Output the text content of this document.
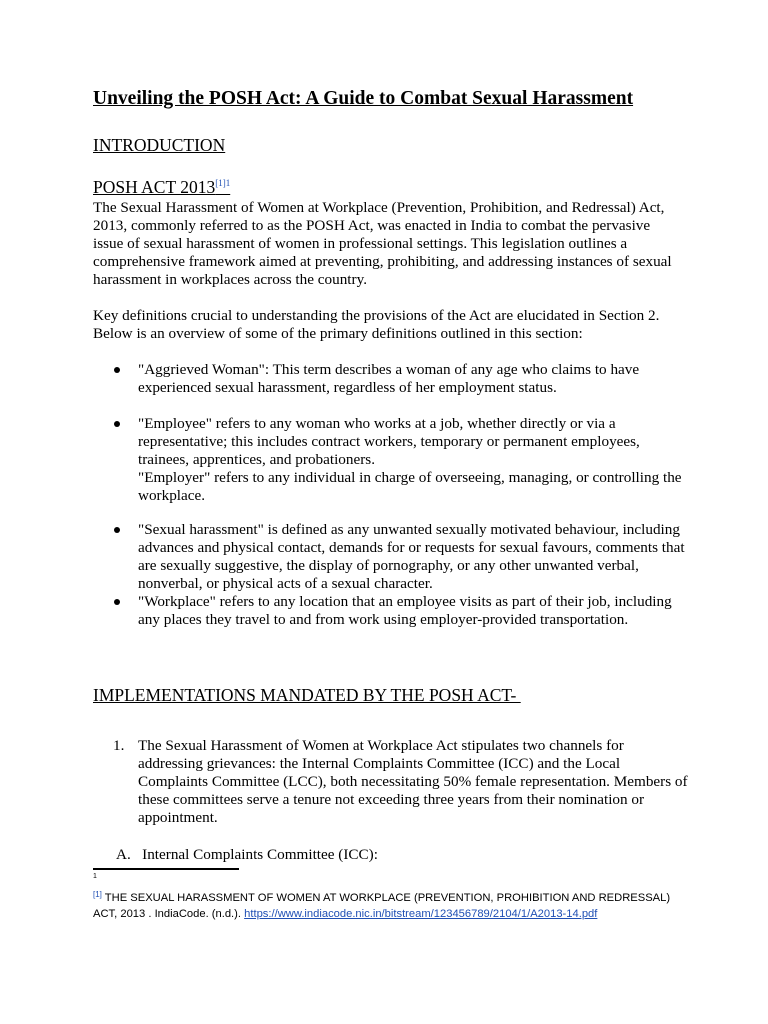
Unveiling the POSH Act: A Guide to Combat Sexual Harassment
INTRODUCTION
POSH ACT $2013^{[1]1}$
The Sexual Harassment of Women at Workplace (Prevention, Prohibition, and Redressal) Act, 2013, commonly referred to as the POSH Act, was enacted in India to combat the pervasive issue of sexual harassment of women in professional settings. This legislation outlines a comprehensive framework aimed at preventing, prohibiting, and addressing instances of sexual harassment in workplaces across the country.
Key definitions crucial to understanding the provisions of the Act are elucidated in Section 2. Below is an overview of some of the primary definitions outlined in this section:
"Aggrieved Woman": This term describes a woman of any age who claims to have experienced sexual harassment, regardless of her employment status.
"Employee" refers to any woman who works at a job, whether directly or via a representative; this includes contract workers, temporary or permanent employees, trainees, apprentices, and probationers.
"Employer" refers to any individual in charge of overseeing, managing, or controlling the workplace.
"Sexual harassment" is defined as any unwanted sexually motivated behaviour, including advances and physical contact, demands for or requests for sexual favours, comments that are sexually suggestive, the display of pornography, or any other unwanted verbal, nonverbal, or physical acts of a sexual character.
"Workplace" refers to any location that an employee visits as part of their job, including any places they travel to and from work using employer-provided transportation.
IMPLEMENTATIONS MANDATED BY THE POSH ACT-
1. The Sexual Harassment of Women at Workplace Act stipulates two channels for addressing grievances: the Internal Complaints Committee (ICC) and the Local Complaints Committee (LCC), both necessitating 50% female representation. Members of these committees serve a tenure not exceeding three years from their nomination or appointment.
A. Internal Complaints Committee (ICC):
1
[1] THE SEXUAL HARASSMENT OF WOMEN AT WORKPLACE (PREVENTION, PROHIBITION AND REDRESSAL) ACT, 2013 . IndiaCode. (n.d.). https://www.indiacode.nic.in/bitstream/123456789/2104/1/A2013-14.pdf
